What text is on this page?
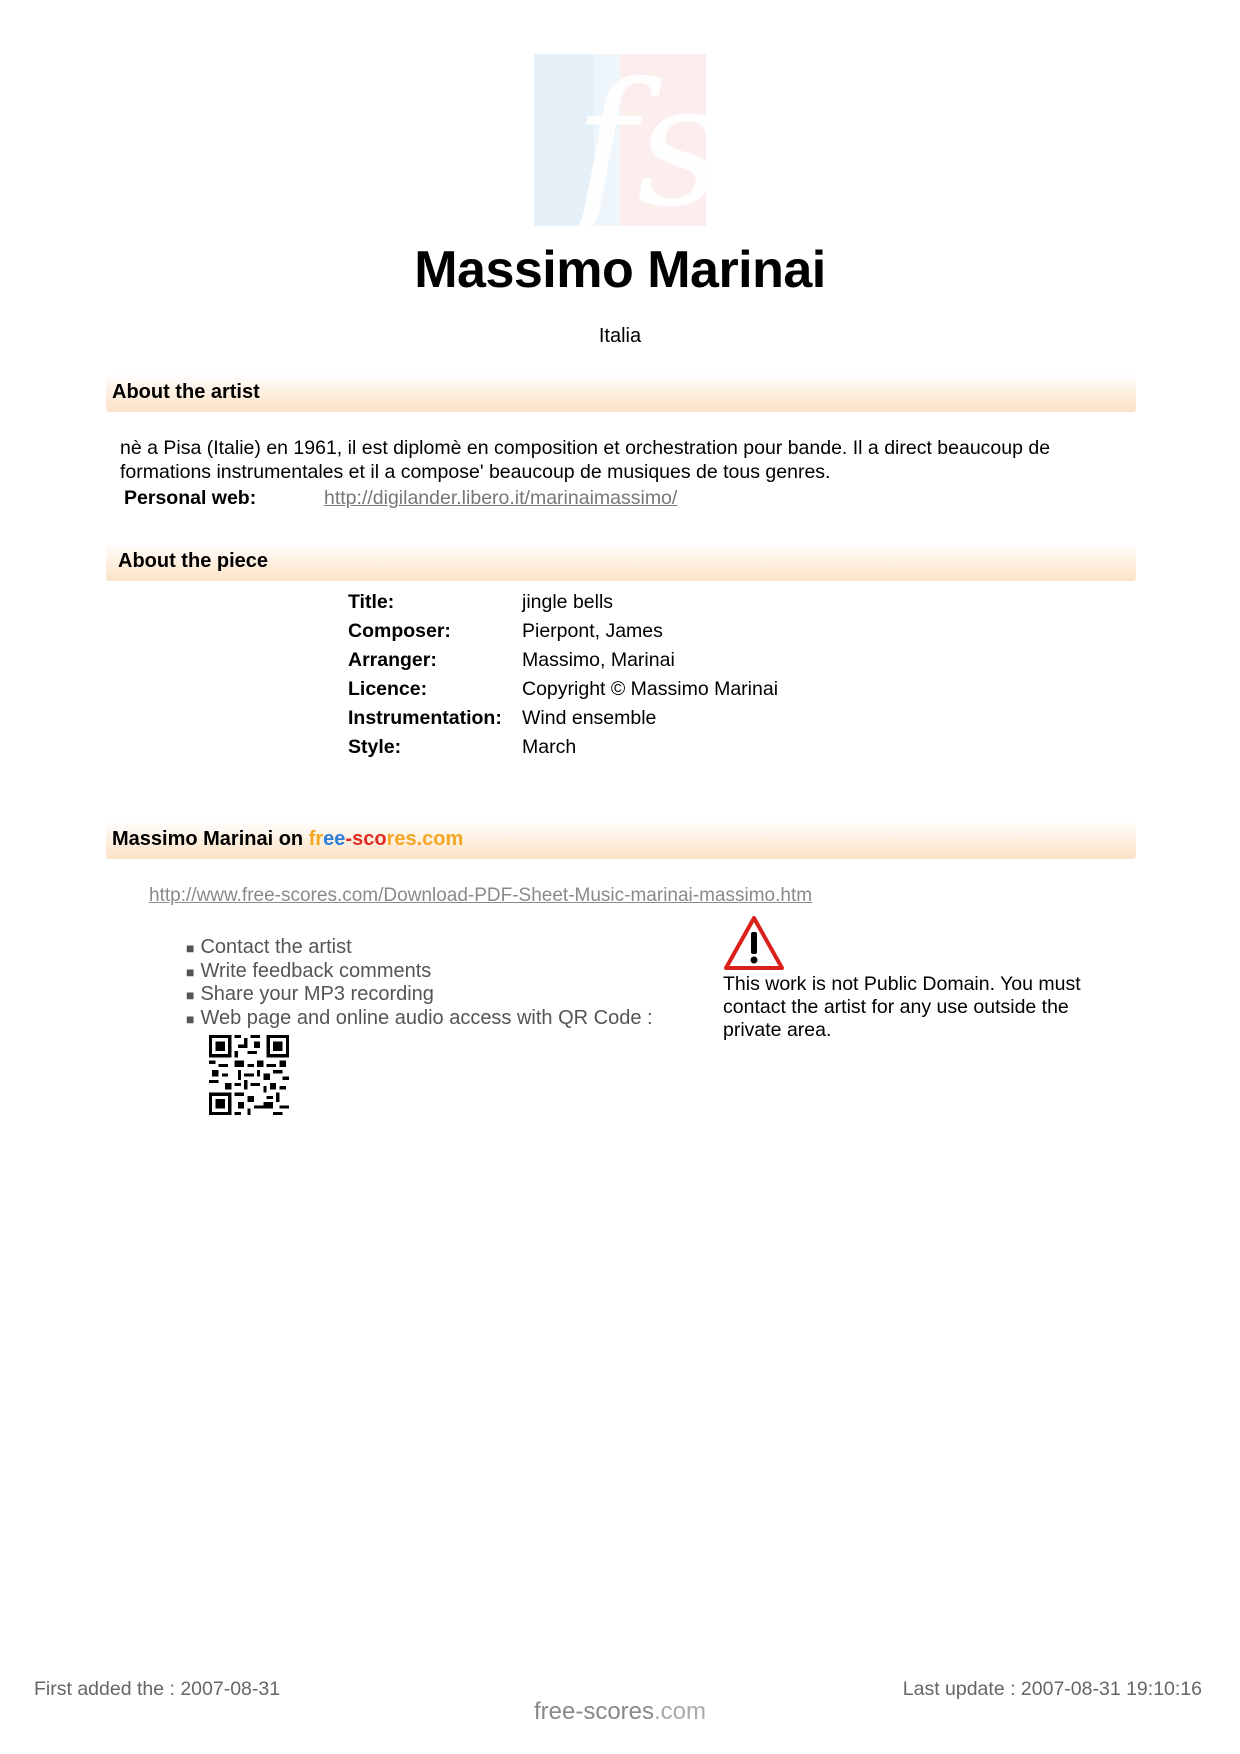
fs
Massimo Marinai
Italia
About the artist
nè a Pisa (Italie) en 1961, il est diplomè en composition et orchestration pour bande. Il a direct beaucoup de formations instrumentales et il a compose' beaucoup de musiques de tous genres.
Personal web:	http://digilander.libero.it/marinaimassimo/
About the piece
Title:	jingle bells
Composer:	Pierpont, James
Arranger:	Massimo, Marinai
Licence:	Copyright © Massimo Marinai
Instrumentation:	Wind ensemble
Style:	March
Massimo Marinai on free-scores.com
http://www.free-scores.com/Download-PDF-Sheet-Music-marinai-massimo.htm
■ Contact the artist
■ Write feedback comments
■ Share your MP3 recording
■ Web page and online audio access with QR Code :
This work is not Public Domain. You must contact the artist for any use outside the private area.
First added the : 2007-08-31	Last update : 2007-08-31 19:10:16
free-scores.com
